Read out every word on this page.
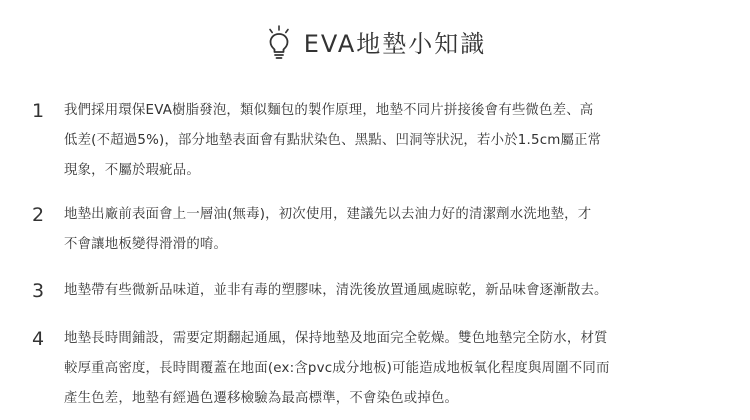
EVA地墊小知識
1 我們採用環保EVA樹脂發泡，類似麵包的製作原理，地墊不同片拼接後會有些微色差、高
低差(不超過5%)，部分地墊表面會有點狀染色、黑點、凹洞等狀況，若小於1.5cm屬正常
現象，不屬於瑕疵品。
2 地墊出廠前表面會上一層油(無毒)，初次使用，建議先以去油力好的清潔劑水洗地墊，才
不會讓地板變得滑滑的唷。
3 地墊帶有些微新品味道，並非有毒的塑膠味，清洗後放置通風處晾乾，新品味會逐漸散去。
4 地墊長時間鋪設，需要定期翻起通風，保持地墊及地面完全乾燥。雙色地墊完全防水，材質
較厚重高密度，長時間覆蓋在地面(ex:含pvc成分地板)可能造成地板氧化程度與周圍不同而
產生色差，地墊有經過色遷移檢驗為最高標準，不會染色或掉色。
